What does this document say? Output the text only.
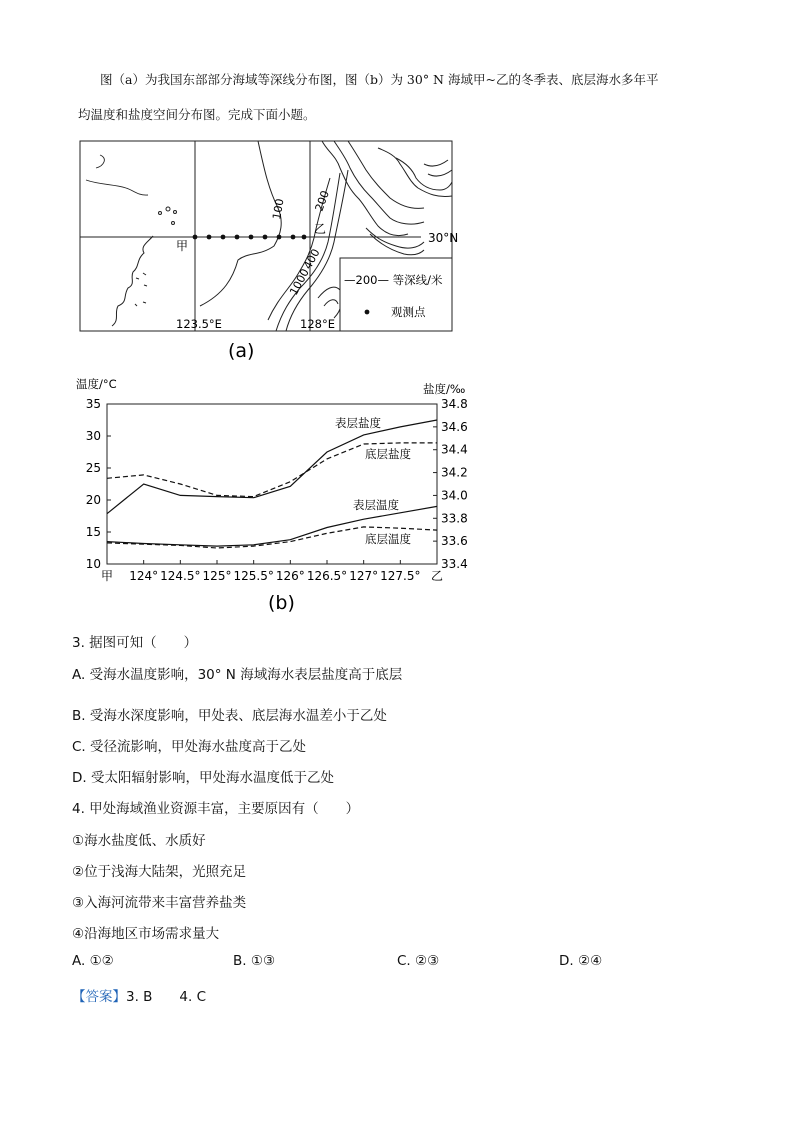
图（a）为我国东部部分海域等深线分布图，图（b）为 30° N 海域甲~乙的冬季表、底层海水多年平

均温度和盐度空间分布图。完成下面小题。
甲
乙
30°N
100 200
1000
400
123.5°E	128°E
—200— 等深线/米
观测点
(a)
温度/°C	盐度/‰
35
30
25
20
15
10
34.8
34.6
34.4
34.2
34.0
33.8
33.6
33.4
甲 124° 124.5° 125° 125.5° 126° 126.5° 127° 127.5° 乙
表层盐度
底层盐度
表层温度
底层温度
(b)
3. 据图可知（　　）
A. 受海水温度影响，30° N 海域海水表层盐度高于底层
B. 受海水深度影响，甲处表、底层海水温差小于乙处
C. 受径流影响，甲处海水盐度高于乙处
D. 受太阳辐射影响，甲处海水温度低于乙处
4. 甲处海域渔业资源丰富，主要原因有（　　）
①海水盐度低、水质好
②位于浅海大陆架，光照充足
③入海河流带来丰富营养盐类
④沿海地区市场需求量大
A. ①②	B. ①③	C. ②③	D. ②④
【答案】3. B　　4. C
